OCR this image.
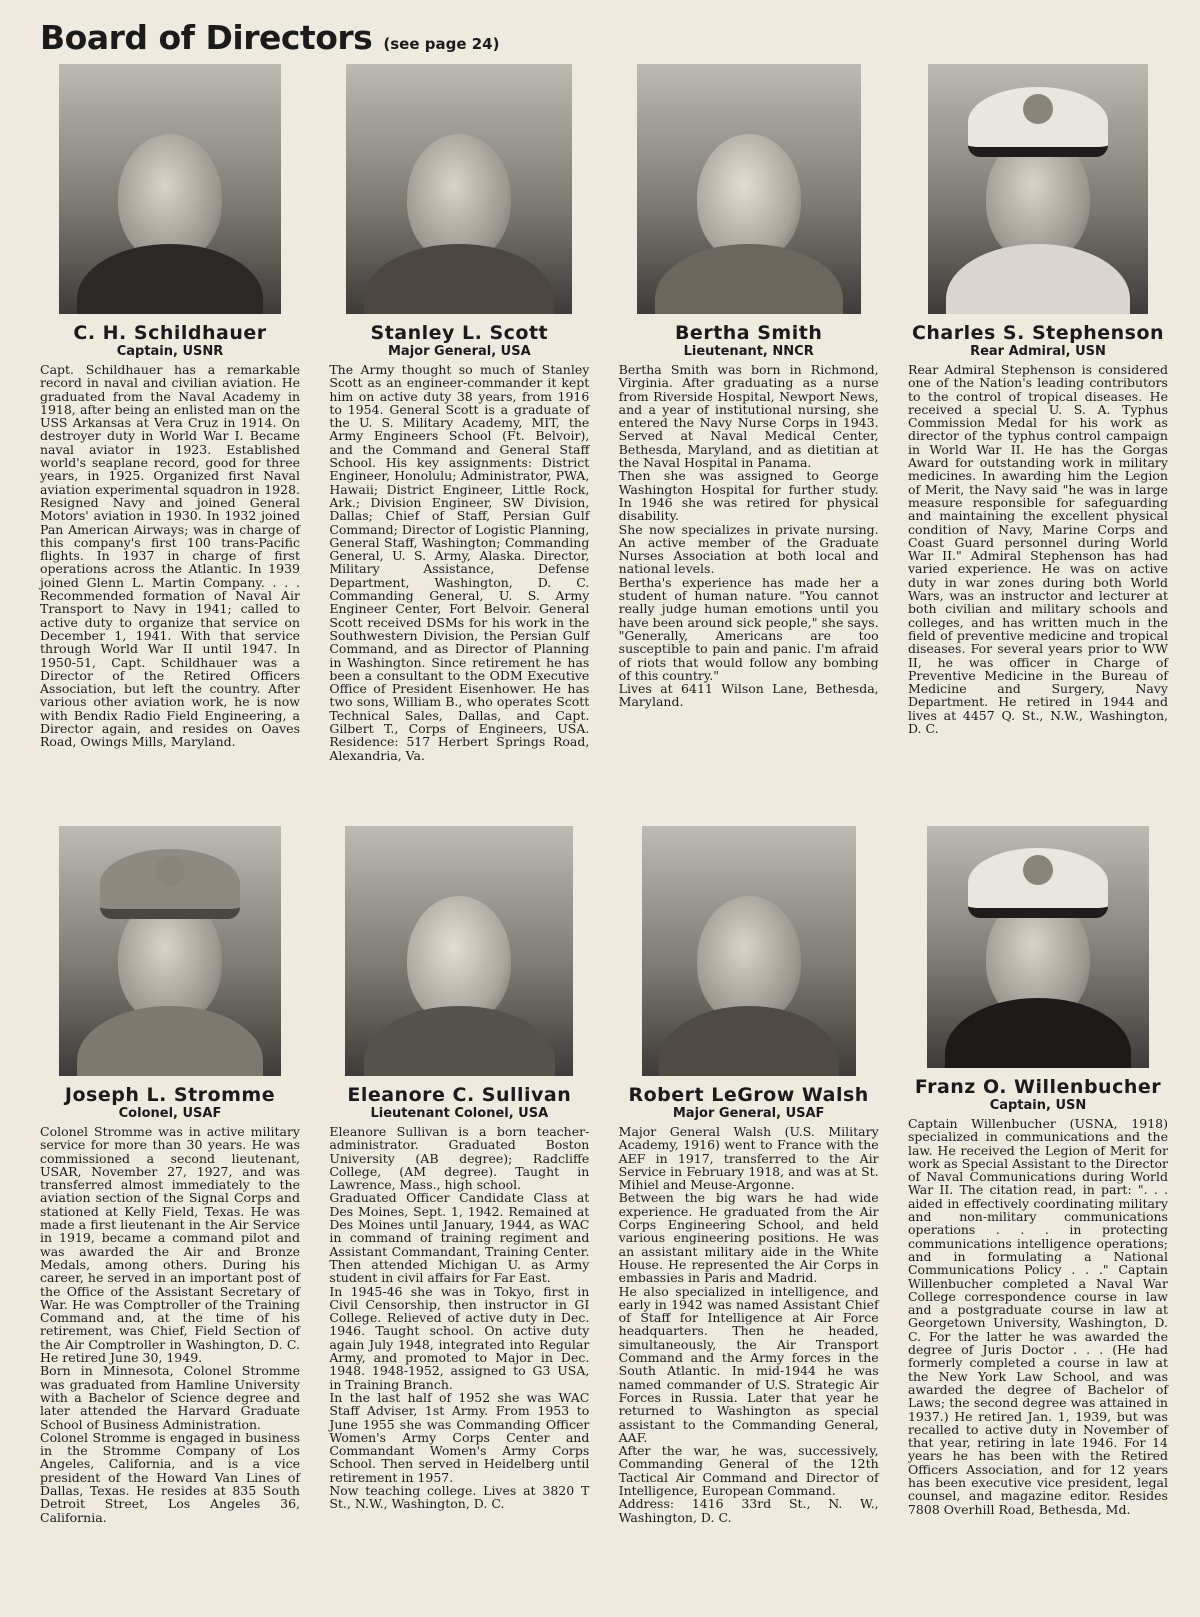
Board of Directors (see page 24)

C. H. Schildhauer

Captain, USNR

Capt. Schildhauer has a remarkable record in naval and civilian aviation. He graduated from the Naval Academy in 1918, after being an enlisted man on the USS Arkansas at Vera Cruz in 1914. On destroyer duty in World War I. Became naval aviator in 1923. Established world's seaplane record, good for three years, in 1925. Organized first Naval aviation experimental squadron in 1928. Resigned Navy and joined General Motors' aviation in 1930. In 1932 joined Pan American Airways; was in charge of this company's first 100 trans-Pacific flights. In 1937 in charge of first operations across the Atlantic. In 1939 joined Glenn L. Martin Company. . . . Recommended formation of Naval Air Transport to Navy in 1941; called to active duty to organize that service on December 1, 1941. With that service through World War II until 1947. In 1950-51, Capt. Schildhauer was a Director of the Retired Officers Association, but left the country. After various other aviation work, he is now with Bendix Radio Field Engineering, a Director again, and resides on Oaves Road, Owings Mills, Maryland.

Stanley L. Scott

Major General, USA

The Army thought so much of Stanley Scott as an engineer-commander it kept him on active duty 38 years, from 1916 to 1954. General Scott is a graduate of the U. S. Military Academy, MIT, the Army Engineers School (Ft. Belvoir), and the Command and General Staff School. His key assignments: District Engineer, Honolulu; Administrator, PWA, Hawaii; District Engineer, Little Rock, Ark.; Division Engineer, SW Division, Dallas; Chief of Staff, Persian Gulf Command; Director of Logistic Planning, General Staff, Washington; Commanding General, U. S. Army, Alaska. Director, Military Assistance, Defense Department, Washington, D. C. Commanding General, U. S. Army Engineer Center, Fort Belvoir. General Scott received DSMs for his work in the Southwestern Division, the Persian Gulf Command, and as Director of Planning in Washington. Since retirement he has been a consultant to the ODM Executive Office of President Eisenhower. He has two sons, William B., who operates Scott Technical Sales, Dallas, and Capt. Gilbert T., Corps of Engineers, USA. Residence: 517 Herbert Springs Road, Alexandria, Va.

Bertha Smith

Lieutenant, NNCR

Bertha Smith was born in Richmond, Virginia. After graduating as a nurse from Riverside Hospital, Newport News, and a year of institutional nursing, she entered the Navy Nurse Corps in 1943. Served at Naval Medical Center, Bethesda, Maryland, and as dietitian at the Naval Hospital in Panama.
Then she was assigned to George Washington Hospital for further study. In 1946 she was retired for physical disability.
She now specializes in private nursing. An active member of the Graduate Nurses Association at both local and national levels.
Bertha's experience has made her a student of human nature. "You cannot really judge human emotions until you have been around sick people," she says. "Generally, Americans are too susceptible to pain and panic. I'm afraid of riots that would follow any bombing of this country."
Lives at 6411 Wilson Lane, Bethesda, Maryland.

Charles S. Stephenson

Rear Admiral, USN

Rear Admiral Stephenson is considered one of the Nation's leading contributors to the control of tropical diseases. He received a special U. S. A. Typhus Commission Medal for his work as director of the typhus control campaign in World War II. He has the Gorgas Award for outstanding work in military medicines. In awarding him the Legion of Merit, the Navy said "he was in large measure responsible for safeguarding and maintaining the excellent physical condition of Navy, Marine Corps and Coast Guard personnel during World War II." Admiral Stephenson has had varied experience. He was on active duty in war zones during both World Wars, was an instructor and lecturer at both civilian and military schools and colleges, and has written much in the field of preventive medicine and tropical diseases. For several years prior to WW II, he was officer in Charge of Preventive Medicine in the Bureau of Medicine and Surgery, Navy Department. He retired in 1944 and lives at 4457 Q. St., N.W., Washington, D. C.

Joseph L. Stromme

Colonel, USAF

Colonel Stromme was in active military service for more than 30 years. He was commissioned a second lieutenant, USAR, November 27, 1927, and was transferred almost immediately to the aviation section of the Signal Corps and stationed at Kelly Field, Texas. He was made a first lieutenant in the Air Service in 1919, became a command pilot and was awarded the Air and Bronze Medals, among others. During his career, he served in an important post of the Office of the Assistant Secretary of War. He was Comptroller of the Training Command and, at the time of his retirement, was Chief, Field Section of the Air Comptroller in Washington, D. C. He retired June 30, 1949.
Born in Minnesota, Colonel Stromme was graduated from Hamline University with a Bachelor of Science degree and later attended the Harvard Graduate School of Business Administration.
Colonel Stromme is engaged in business in the Stromme Company of Los Angeles, California, and is a vice president of the Howard Van Lines of Dallas, Texas. He resides at 835 South Detroit Street, Los Angeles 36, California.

Eleanore C. Sullivan

Lieutenant Colonel, USA

Eleanore Sullivan is a born teacher-administrator. Graduated Boston University (AB degree); Radcliffe College, (AM degree). Taught in Lawrence, Mass., high school.
Graduated Officer Candidate Class at Des Moines, Sept. 1, 1942. Remained at Des Moines until January, 1944, as WAC in command of training regiment and Assistant Commandant, Training Center. Then attended Michigan U. as Army student in civil affairs for Far East.
In 1945-46 she was in Tokyo, first in Civil Censorship, then instructor in GI College. Relieved of active duty in Dec. 1946. Taught school. On active duty again July 1948, integrated into Regular Army, and promoted to Major in Dec. 1948. 1948-1952, assigned to G3 USA, in Training Branch.
In the last half of 1952 she was WAC Staff Adviser, 1st Army. From 1953 to June 1955 she was Commanding Officer Women's Army Corps Center and Commandant Women's Army Corps School. Then served in Heidelberg until retirement in 1957.
Now teaching college. Lives at 3820 T St., N.W., Washington, D. C.

Robert LeGrow Walsh

Major General, USAF

Major General Walsh (U.S. Military Academy, 1916) went to France with the AEF in 1917, transferred to the Air Service in February 1918, and was at St. Mihiel and Meuse-Argonne.
Between the big wars he had wide experience. He graduated from the Air Corps Engineering School, and held various engineering positions. He was an assistant military aide in the White House. He represented the Air Corps in embassies in Paris and Madrid.
He also specialized in intelligence, and early in 1942 was named Assistant Chief of Staff for Intelligence at Air Force headquarters. Then he headed, simultaneously, the Air Transport Command and the Army forces in the South Atlantic. In mid-1944 he was named commander of U.S. Strategic Air Forces in Russia. Later that year he returned to Washington as special assistant to the Commanding General, AAF.
After the war, he was, successively, Commanding General of the 12th Tactical Air Command and Director of Intelligence, European Command.
Address: 1416 33rd St., N. W., Washington, D. C.

Franz O. Willenbucher

Captain, USN

Captain Willenbucher (USNA, 1918) specialized in communications and the law. He received the Legion of Merit for work as Special Assistant to the Director of Naval Communications during World War II. The citation read, in part: ". . . aided in effectively coordinating military and non-military communications operations . . . in protecting communications intelligence operations; and in formulating a National Communications Policy . . ." Captain Willenbucher completed a Naval War College correspondence course in law and a postgraduate course in law at Georgetown University, Washington, D. C. For the latter he was awarded the degree of Juris Doctor . . . (He had formerly completed a course in law at the New York Law School, and was awarded the degree of Bachelor of Laws; the second degree was attained in 1937.) He retired Jan. 1, 1939, but was recalled to active duty in November of that year, retiring in late 1946. For 14 years he has been with the Retired Officers Association, and for 12 years has been executive vice president, legal counsel, and magazine editor. Resides 7808 Overhill Road, Bethesda, Md.
